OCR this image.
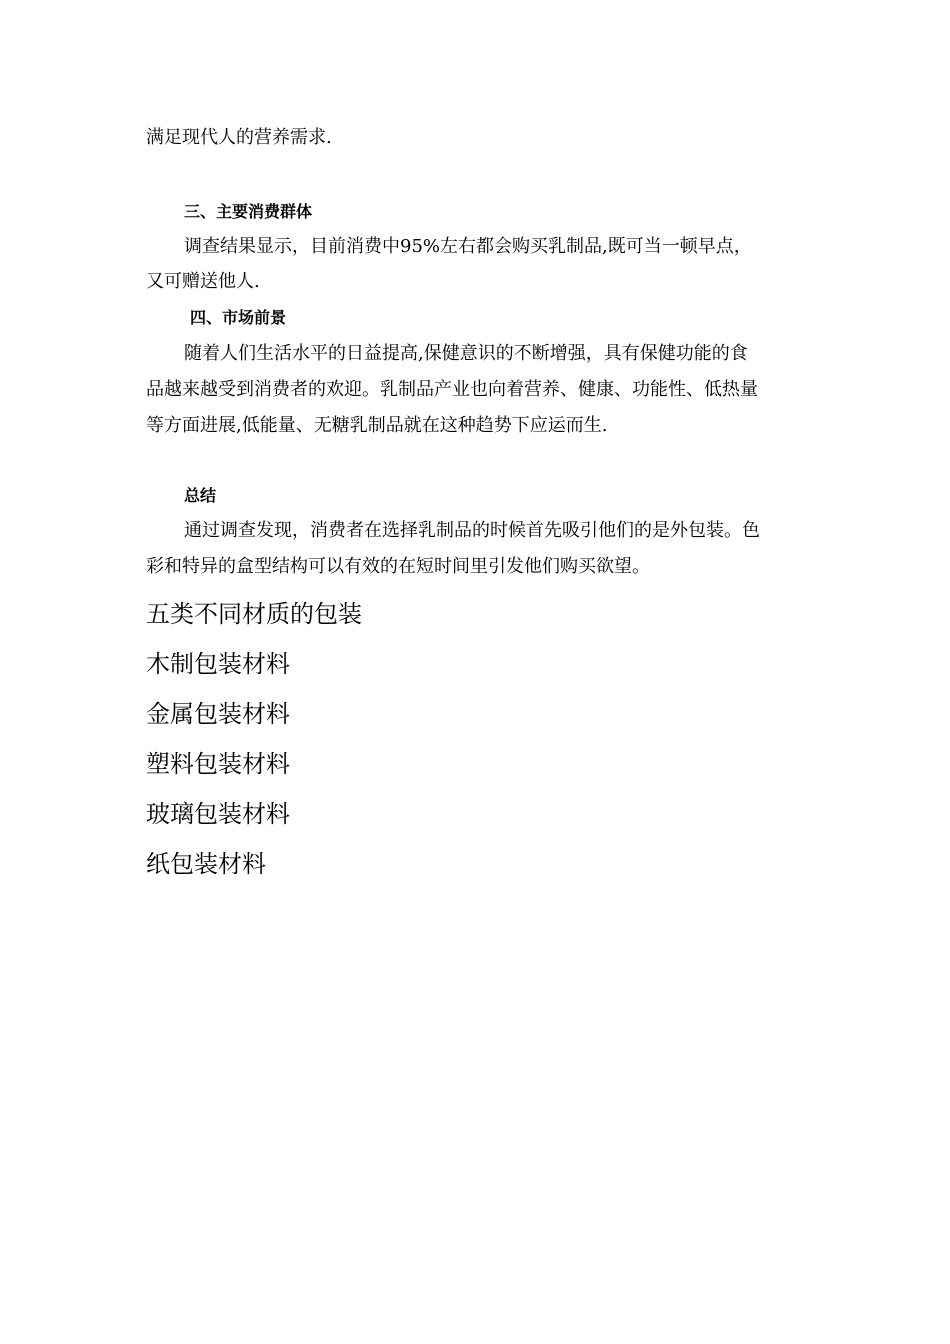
满足现代人的营养需求.
三、主要消费群体
调查结果显示，目前消费中95%左右都会购买乳制品,既可当一顿早点，
又可赠送他人.
四、市场前景
随着人们生活水平的日益提高,保健意识的不断增强，具有保健功能的食
品越来越受到消费者的欢迎。乳制品产业也向着营养、健康、功能性、低热量
等方面进展,低能量、无糖乳制品就在这种趋势下应运而生.
总结
通过调查发现，消费者在选择乳制品的时候首先吸引他们的是外包装。色
彩和特异的盒型结构可以有效的在短时间里引发他们购买欲望。
五类不同材质的包装
木制包装材料
金属包装材料
塑料包装材料
玻璃包装材料
纸包装材料
